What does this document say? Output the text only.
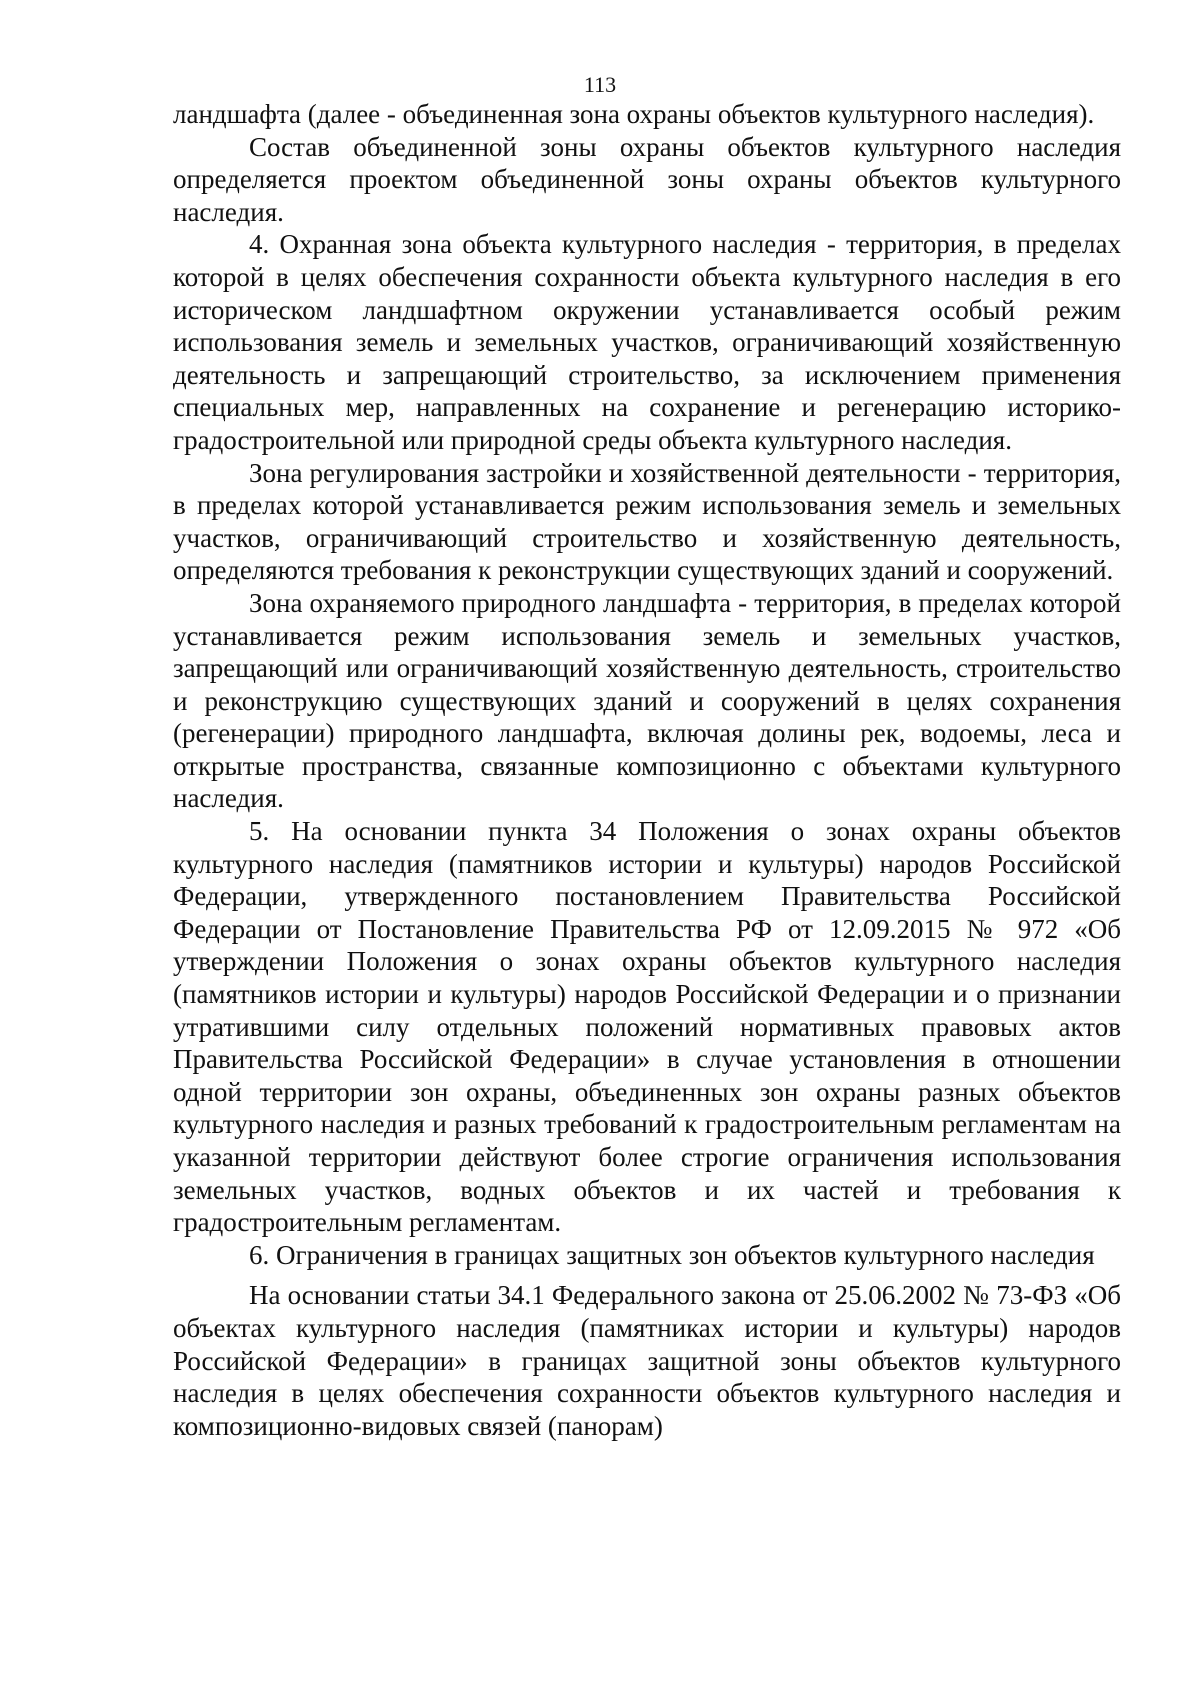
113

ландшафта (далее - объединенная зона охраны объектов культурного наследия).

Состав объединенной зоны охраны объектов культурного наследия определяется проектом объединенной зоны охраны объектов культурного наследия.

4. Охранная зона объекта культурного наследия - территория, в пределах которой в целях обеспечения сохранности объекта культурного наследия в его историческом ландшафтном окружении устанавливается особый режим использования земель и земельных участков, ограничивающий хозяйственную деятельность и запрещающий строительство, за исключением применения специальных мер, направленных на сохранение и регенерацию историко-градостроительной или природной среды объекта культурного наследия.

Зона регулирования застройки и хозяйственной деятельности - территория, в пределах которой устанавливается режим использования земель и земельных участков, ограничивающий строительство и хозяйственную деятельность, определяются требования к реконструкции существующих зданий и сооружений.

Зона охраняемого природного ландшафта - территория, в пределах которой устанавливается режим использования земель и земельных участков, запрещающий или ограничивающий хозяйственную деятельность, строительство и реконструкцию существующих зданий и сооружений в целях сохранения (регенерации) природного ландшафта, включая долины рек, водоемы, леса и открытые пространства, связанные композиционно с объектами культурного наследия.

5. На основании пункта 34 Положения о зонах охраны объектов культурного наследия (памятников истории и культуры) народов Российской Федерации, утвержденного постановлением Правительства Российской Федерации от Постановление Правительства РФ от 12.09.2015 № 972 «Об утверждении Положения о зонах охраны объектов культурного наследия (памятников истории и культуры) народов Российской Федерации и о признании утратившими силу отдельных положений нормативных правовых актов Правительства Российской Федерации» в случае установления в отношении одной территории зон охраны, объединенных зон охраны разных объектов культурного наследия и разных требований к градостроительным регламентам на указанной территории действуют более строгие ограничения использования земельных участков, водных объектов и их частей и требования к градостроительным регламентам.

6. Ограничения в границах защитных зон объектов культурного наследия

На основании статьи 34.1 Федерального закона от 25.06.2002 № 73-ФЗ «Об объектах культурного наследия (памятниках истории и культуры) народов Российской Федерации» в границах защитной зоны объектов культурного наследия в целях обеспечения сохранности объектов культурного наследия и композиционно-видовых связей (панорам)
